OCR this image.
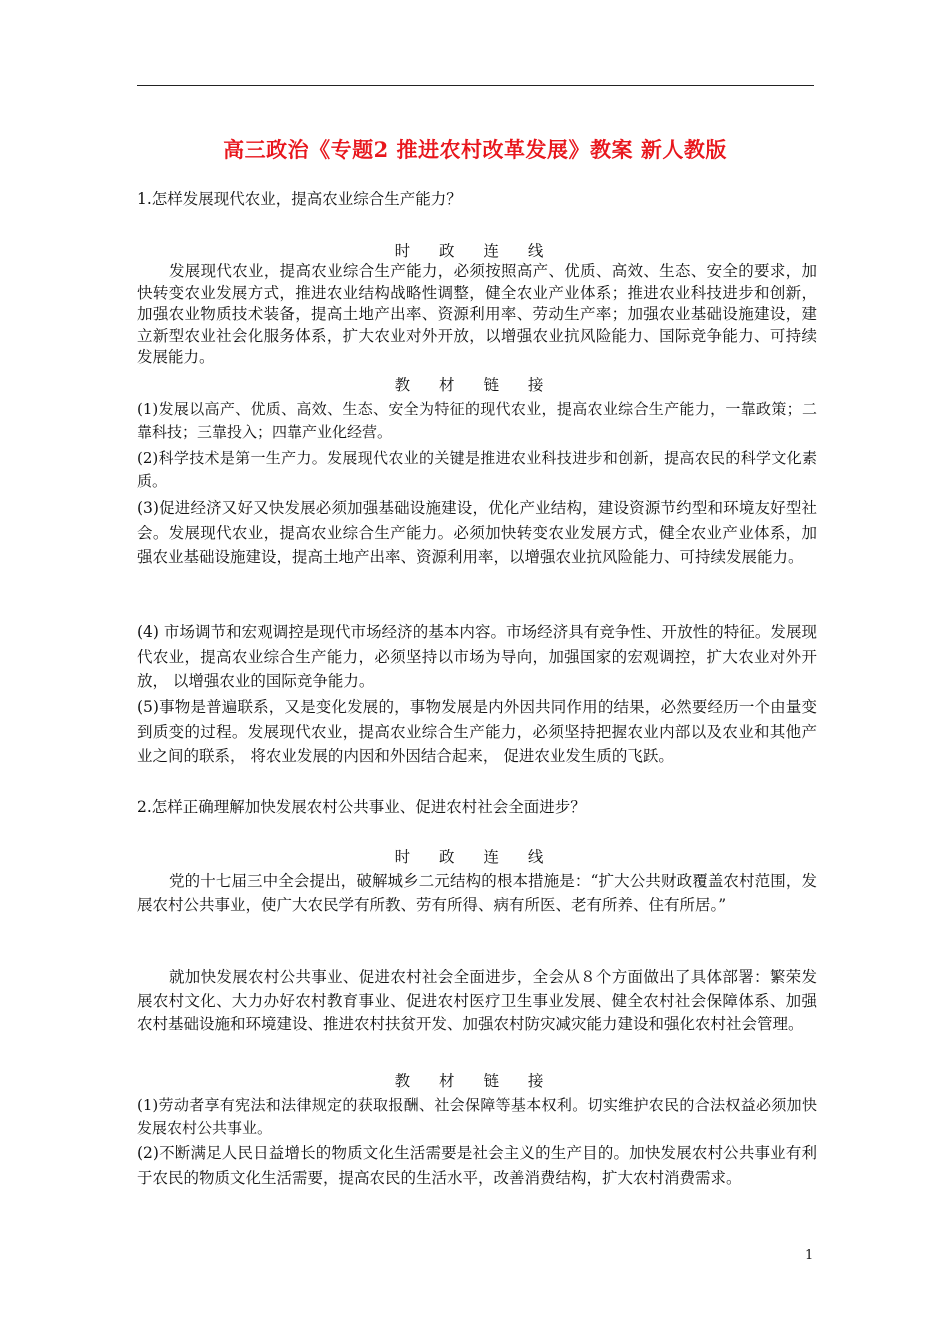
高三政治《专题2 推进农村改革发展》教案 新人教版
1.怎样发展现代农业，提高农业综合生产能力？
时 政 连 线
发展现代农业，提高农业综合生产能力，必须按照高产、优质、高效、生态、安全的要求，加快转变农业发展方式，推进农业结构战略性调整，健全农业产业体系；推进农业科技进步和创新，加强农业物质技术装备，提高土地产出率、资源利用率、劳动生产率；加强农业基础设施建设，建立新型农业社会化服务体系，扩大农业对外开放，以增强农业抗风险能力、国际竞争能力、可持续发展能力。
教 材 链 接
(1)发展以高产、优质、高效、生态、安全为特征的现代农业，提高农业综合生产能力，一靠政策；二靠科技；三靠投入；四靠产业化经营。
(2)科学技术是第一生产力。发展现代农业的关键是推进农业科技进步和创新，提高农民的科学文化素质。
(3)促进经济又好又快发展必须加强基础设施建设，优化产业结构，建设资源节约型和环境友好型社会。发展现代农业，提高农业综合生产能力。必须加快转变农业发展方式，健全农业产业体系，加强农业基础设施建设，提高土地产出率、资源利用率，以增强农业抗风险能力、可持续发展能力。
(4) 市场调节和宏观调控是现代市场经济的基本内容。市场经济具有竞争性、开放性的特征。发展现代农业，提高农业综合生产能力，必须坚持以市场为导向，加强国家的宏观调控，扩大农业对外开放， 以增强农业的国际竞争能力。
(5)事物是普遍联系，又是变化发展的，事物发展是内外因共同作用的结果，必然要经历一个由量变到质变的过程。发展现代农业，提高农业综合生产能力，必须坚持把握农业内部以及农业和其他产业之间的联系， 将农业发展的内因和外因结合起来， 促进农业发生质的飞跃。
2.怎样正确理解加快发展农村公共事业、促进农村社会全面进步？
时 政 连 线
党的十七届三中全会提出，破解城乡二元结构的根本措施是：“扩大公共财政覆盖农村范围，发展农村公共事业，使广大农民学有所教、劳有所得、病有所医、老有所养、住有所居。”
就加快发展农村公共事业、促进农村社会全面进步，全会从８个方面做出了具体部署：繁荣发展农村文化、大力办好农村教育事业、促进农村医疗卫生事业发展、健全农村社会保障体系、加强农村基础设施和环境建设、推进农村扶贫开发、加强农村防灾减灾能力建设和强化农村社会管理。
教 材 链 接
(1)劳动者享有宪法和法律规定的获取报酬、社会保障等基本权利。切实维护农民的合法权益必须加快发展农村公共事业。
(2)不断满足人民日益增长的物质文化生活需要是社会主义的生产目的。加快发展农村公共事业有利于农民的物质文化生活需要，提高农民的生活水平，改善消费结构，扩大农村消费需求。
1
